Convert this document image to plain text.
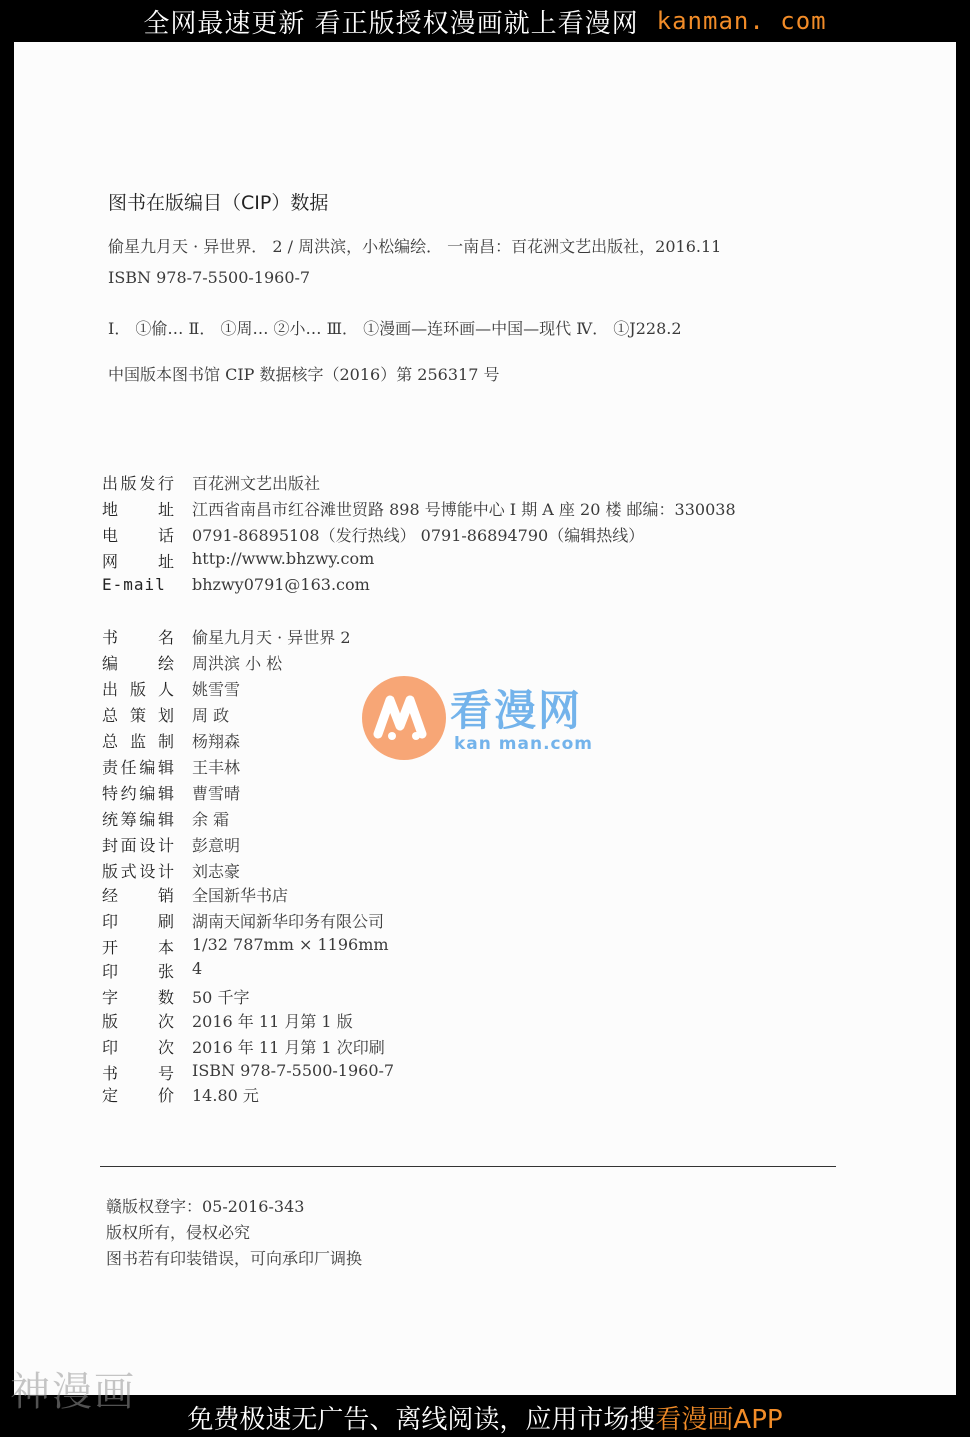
全网最速更新 看正版授权漫画就上看漫网 kanman. com
图书在版编目（CIP）数据
偷星九月天 · 异世界． 2 / 周洪滨，小松编绘． 一南昌：百花洲文艺出版社，2016.11
ISBN 978-7-5500-1960-7
Ⅰ． ①偷… Ⅱ． ①周… ②小… Ⅲ． ①漫画—连环画—中国—现代 Ⅳ． ①J228.2
中国版本图书馆 CIP 数据核字（2016）第 256317 号
出 版 发 行 百花洲文艺出版社
地 址 江西省南昌市红谷滩世贸路 898 号博能中心 I 期 A 座 20 楼 邮编：330038
电 话 0791-86895108（发行热线） 0791-86894790（编辑热线）
网 址 http://www.bhzwy.com
E-mail bhzwy0791@163.com
书 名 偷星九月天 · 异世界 2
编 绘 周洪滨 小 松
出 版 人 姚雪雪
总 策 划 周 政
总 监 制 杨翔森
责 任 编 辑 王丰林
特 约 编 辑 曹雪晴
统 筹 编 辑 余 霜
封 面 设 计 彭意明
版 式 设 计 刘志豪
经 销 全国新华书店
印 刷 湖南天闻新华印务有限公司
开 本 1/32 787mm × 1196mm
印 张 4
字 数 50 千字
版 次 2016 年 11 月第 1 版
印 次 2016 年 11 月第 1 次印刷
书 号 ISBN 978-7-5500-1960-7
定 价 14.80 元
看漫网
kan man.com
赣版权登字：05-2016-343
版权所有，侵权必究
图书若有印装错误，可向承印厂调换
神漫画
免费极速无广告、离线阅读，应用市场搜 看漫画APP
